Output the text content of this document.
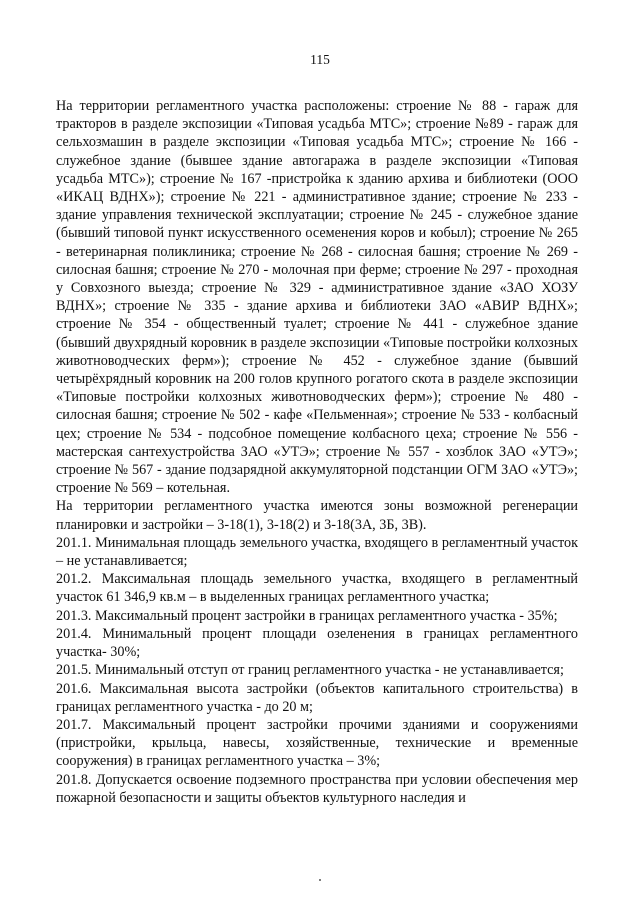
115

На территории регламентного участка расположены: строение № 88 - гараж для тракторов в разделе экспозиции «Типовая усадьба МТС»; строение №89 - гараж для сельхозмашин в разделе экспозиции «Типовая усадьба МТС»; строение № 166 - служебное здание (бывшее здание автогаража в разделе экспозиции «Типовая усадьба МТС»); строение № 167 -пристройка к зданию архива и библиотеки (ООО «ИКАЦ ВДНХ»); строение № 221 - административное здание; строение № 233 - здание управления технической эксплуатации; строение № 245 - служебное здание (бывший типовой пункт искусственного осеменения коров и кобыл); строение № 265 - ветеринарная поликлиника; строение № 268 - силосная башня; строение № 269 - силосная башня; строение № 270 - молочная при ферме; строение № 297 - проходная у Совхозного выезда; строение № 329 - административное здание «ЗАО ХОЗУ ВДНХ»; строение № 335 - здание архива и библиотеки ЗАО «АВИР ВДНХ»; строение № 354 - общественный туалет; строение № 441 - служебное здание (бывший двухрядный коровник в разделе экспозиции «Типовые постройки колхозных животноводческих ферм»); строение № 452 - служебное здание (бывший четырёхрядный коровник на 200 голов крупного рогатого скота в разделе экспозиции «Типовые постройки колхозных животноводческих ферм»); строение № 480 - силосная башня; строение № 502 - кафе «Пельменная»; строение № 533 - колбасный цех; строение № 534 - подсобное помещение колбасного цеха; строение № 556 - мастерская сантехустройства ЗАО «УТЭ»; строение № 557 - хозблок ЗАО «УТЭ»; строение № 567 - здание подзарядной аккумуляторной подстанции ОГМ ЗАО «УТЭ»; строение № 569 – котельная.

На территории регламентного участка имеются зоны возможной регенерации планировки и застройки – 3-18(1), 3-18(2) и 3-18(3А, 3Б, 3В).

201.1. Минимальная площадь земельного участка, входящего в регламентный участок – не устанавливается;

201.2. Максимальная площадь земельного участка, входящего в регламентный участок 61 346,9 кв.м – в выделенных границах регламентного участка;

201.3. Максимальный процент застройки в границах регламентного участка - 35%;

201.4. Минимальный процент площади озеленения в границах регламентного участка- 30%;

201.5. Минимальный отступ от границ регламентного участка - не устанавливается;

201.6. Максимальная высота застройки (объектов капитального строительства) в границах регламентного участка - до 20 м;

201.7. Максимальный процент застройки прочими зданиями и сооружениями (пристройки, крыльца, навесы, хозяйственные, технические и временные сооружения) в границах регламентного участка – 3%;

201.8. Допускается освоение подземного пространства при условии обеспечения мер пожарной безопасности и защиты объектов культурного наследия и
